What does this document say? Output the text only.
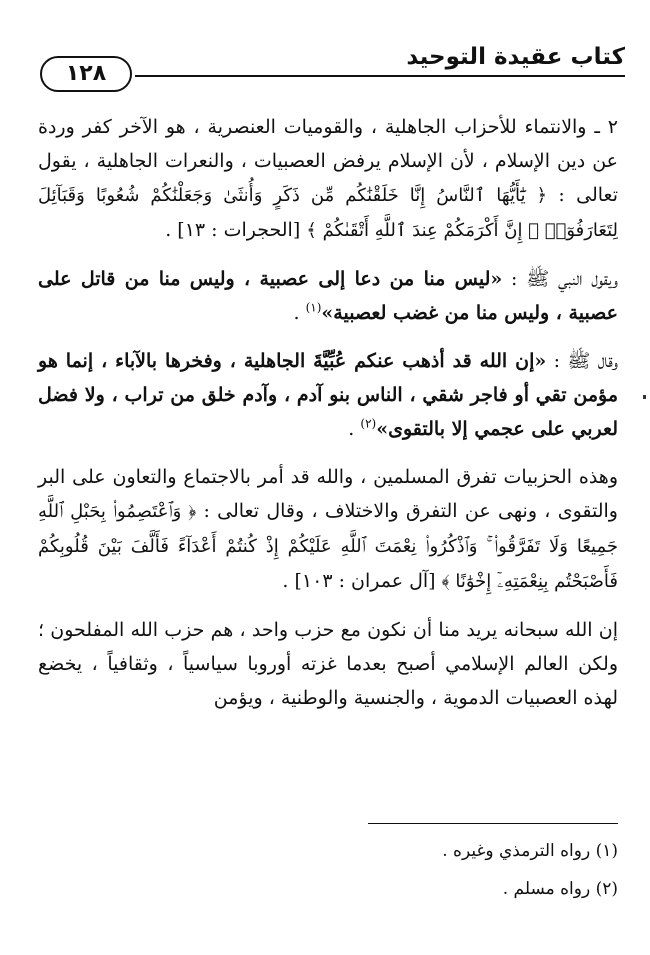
كتاب عقيدة التوحيد
١٢٨

٢ ـ والانتماء للأحزاب الجاهلية ، والقوميات العنصرية ، هو الآخر كفر وردة عن دين الإسلام ، لأن الإسلام يرفض العصبيات ، والنعرات الجاهلية ، يقول تعالى : ﴿ يَٰٓأَيُّهَا ٱلنَّاسُ إِنَّا خَلَقْنَٰكُم مِّن ذَكَرٍ وَأُنثَىٰ وَجَعَلْنَٰكُمْ شُعُوبًا وَقَبَآئِلَ لِتَعَارَفُوٓا۟ ۚ إِنَّ أَكْرَمَكُمْ عِندَ ٱللَّهِ أَتْقَىٰكُمْ ﴾ [الحجرات : ١٣] .

ويقول النبي ﷺ : «ليس منا من دعا إلى عصبية ، وليس منا من قاتل على عصبية ، وليس منا من غضب لعصبية»$^{(١)}$ .

وقال ﷺ : «إن الله قد أذهب عنكم عُبِّيَّةَ الجاهلية ، وفخرها بالآباء ، إنما هو مؤمن تقي أو فاجر شقي ، الناس بنو آدم ، وآدم خلق من تراب ، ولا فضل لعربي على عجمي إلا بالتقوى»$^{(٢)}$ .

وهذه الحزبيات تفرق المسلمين ، والله قد أمر بالاجتماع والتعاون على البر والتقوى ، ونهى عن التفرق والاختلاف ، وقال تعالى : ﴿ وَٱعْتَصِمُوا۟ بِحَبْلِ ٱللَّهِ جَمِيعًا وَلَا تَفَرَّقُوا۟ ۚ وَٱذْكُرُوا۟ نِعْمَتَ ٱللَّهِ عَلَيْكُمْ إِذْ كُنتُمْ أَعْدَآءً فَأَلَّفَ بَيْنَ قُلُوبِكُمْ فَأَصْبَحْتُم بِنِعْمَتِهِۦٓ إِخْوَٰنًا ﴾ [آل عمران : ١٠٣] .

إن الله سبحانه يريد منا أن نكون مع حزب واحد ، هم حزب الله المفلحون ؛ ولكن العالم الإسلامي أصبح بعدما غزته أوروبا سياسياً ، وثقافياً ، يخضع لهذه العصبيات الدموية ، والجنسية والوطنية ، ويؤمن

(١) رواه الترمذي وغيره .
(٢) رواه مسلم .
